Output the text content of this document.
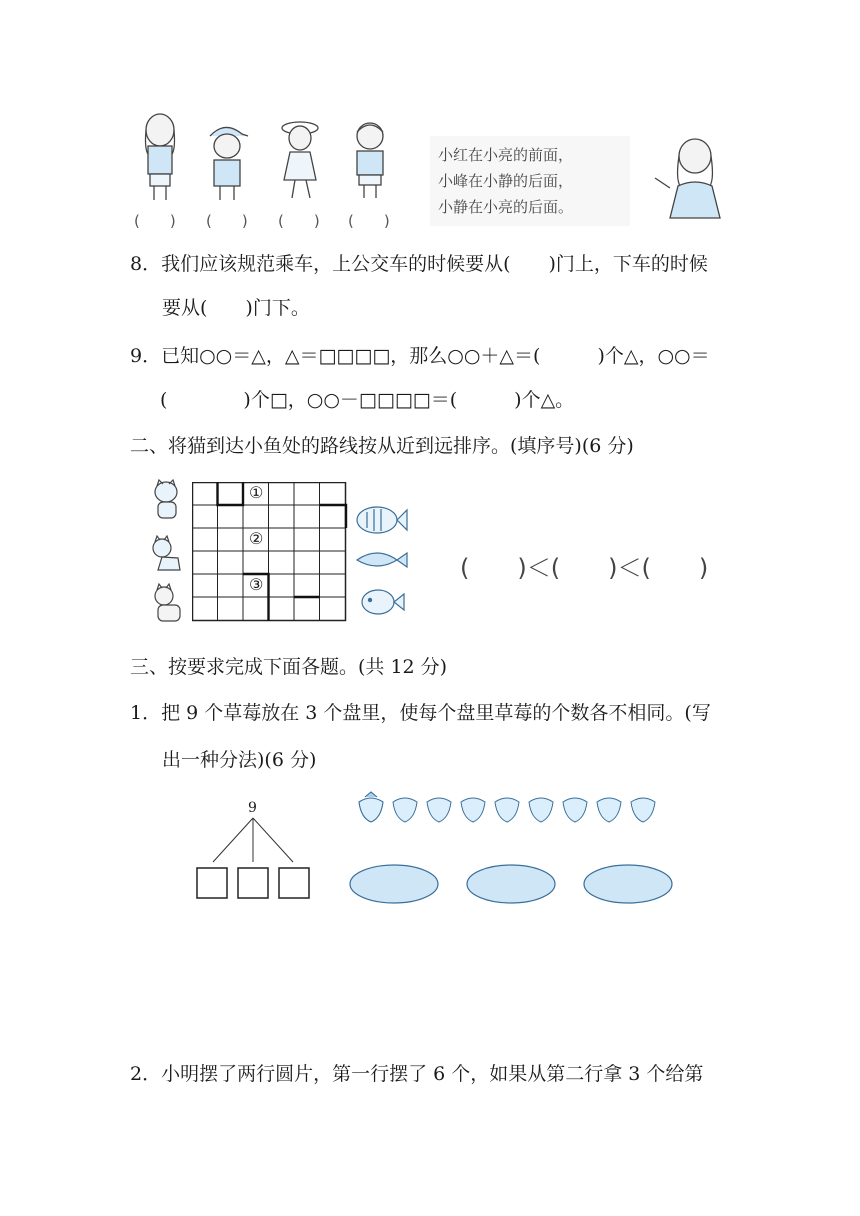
(　　) (　　) (　　) (　　)
小红在小亮的前面，
小峰在小静的后面，
小静在小亮的后面。
8．我们应该规范乘车，上公交车的时候要从(　　)门上，下车的时候
要从(　　)门下。
9．已知○○＝△，△＝□□□□，那么○○＋△＝(　　　)个△，○○＝
(　　　　)个□，○○－□□□□＝(　　　)个△。
二、将猫到达小鱼处的路线按从近到远排序。(填序号)(6 分)
①
②
③
(　　)＜(　　)＜(　　)
三、按要求完成下面各题。(共 12 分)
1．把 9 个草莓放在 3 个盘里，使每个盘里草莓的个数各不相同。(写
出一种分法)(6 分)
9
2．小明摆了两行圆片，第一行摆了 6 个，如果从第二行拿 3 个给第
